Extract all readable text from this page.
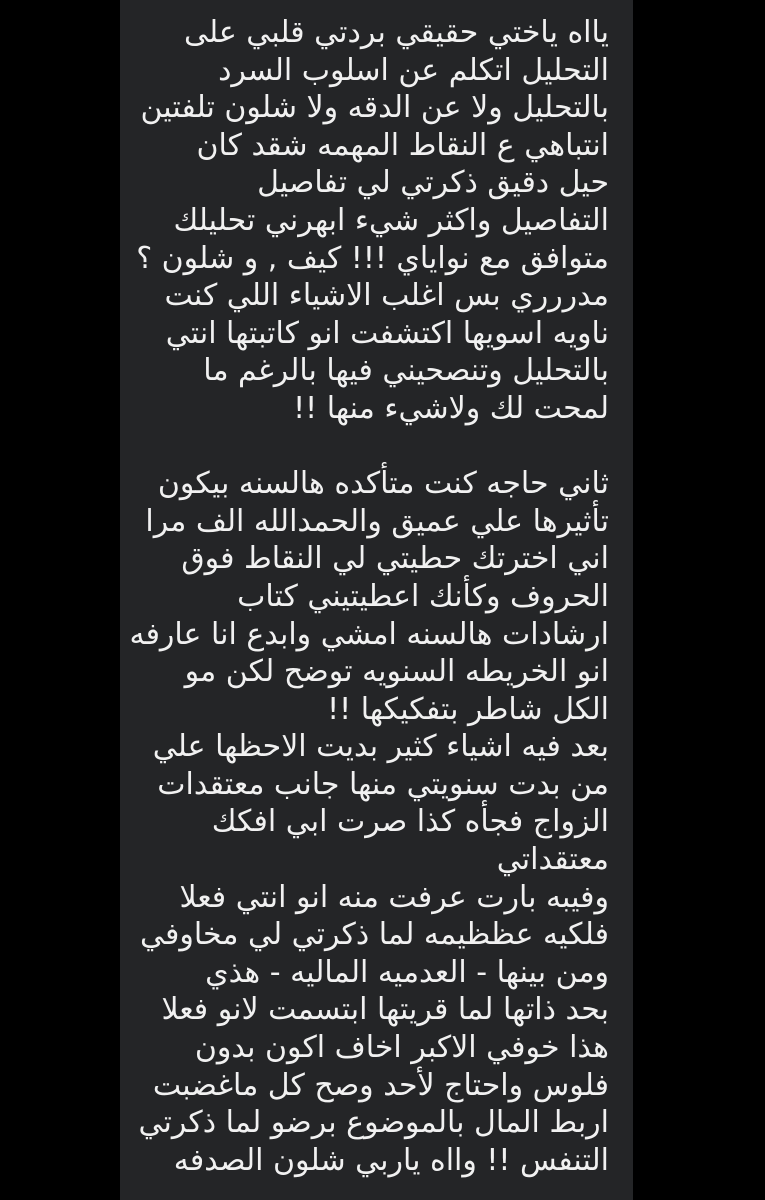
يااه ياختي حقيقي بردتي قلبي على
التحليل اتكلم عن اسلوب السرد
بالتحليل ولا عن الدقه ولا شلون تلفتين
انتباهي ع النقاط المهمه شقد كان
حيل دقيق ذكرتي لي تفاصيل
التفاصيل واكثر شيء ابهرني تحليلك
متوافق مع نواياي !!! كيف , و شلون ؟
مدررري بس اغلب الاشياء اللي كنت
ناويه اسويها اكتشفت انو كاتبتها انتي
بالتحليل وتنصحيني فيها بالرغم ما
لمحت لك ولاشيء منها !!
ثاني حاجه كنت متأكده هالسنه بيكون
تأثيرها علي عميق والحمدالله الف مرا
اني اخترتك حطيتي لي النقاط فوق
الحروف وكأنك اعطيتيني كتاب
ارشادات هالسنه امشي وابدع انا عارفه
انو الخريطه السنويه توضح لكن مو
الكل شاطر بتفكيكها !!
بعد فيه اشياء كثير بديت الاحظها علي
من بدت سنويتي منها جانب معتقدات
الزواج فجأه كذا صرت ابي افكك
معتقداتي
وفيبه بارت عرفت منه انو انتي فعلا
فلكيه عظظيمه لما ذكرتي لي مخاوفي
ومن بينها - العدميه الماليه - هذي
بحد ذاتها لما قريتها ابتسمت لانو فعلا
هذا خوفي الاكبر اخاف اكون بدون
فلوس واحتاج لأحد وصح كل ماغضبت
اربط المال بالموضوع برضو لما ذكرتي
التنفس !! وااه ياربي شلون الصدفه
